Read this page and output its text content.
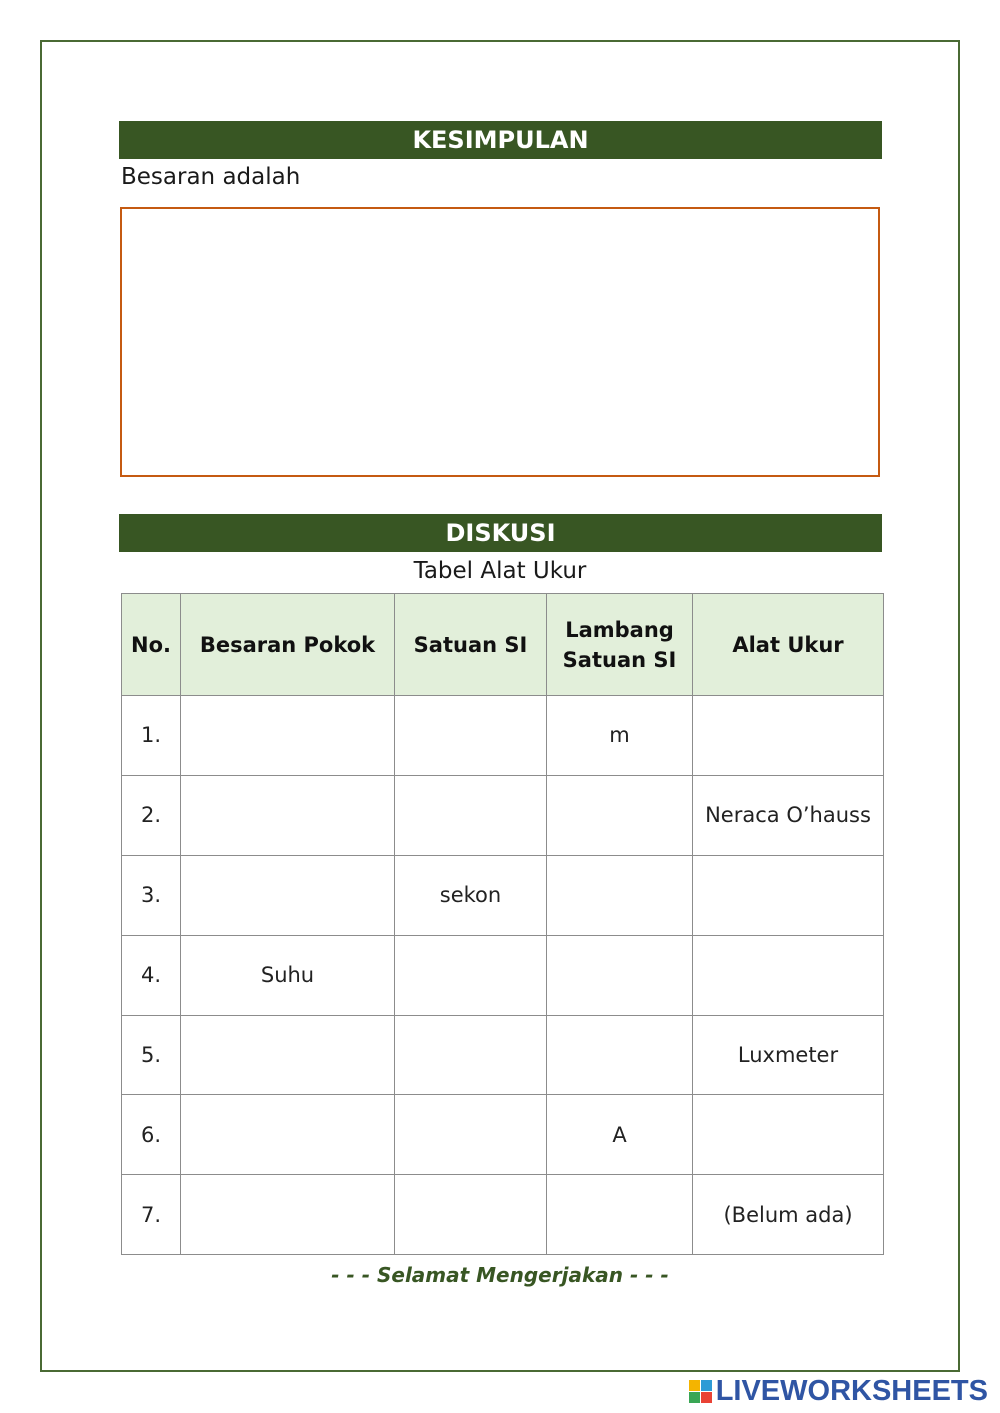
KESIMPULAN
Besaran adalah
DISKUSI
Tabel Alat Ukur
No.	Besaran Pokok	Satuan SI	Lambang Satuan SI	Alat Ukur
1.			m	
2.				Neraca O’hauss
3.		sekon		
4.	Suhu			
5.				Luxmeter
6.			A	
7.				(Belum ada)
- - - Selamat Mengerjakan - - -
LIVEWORKSHEETS
